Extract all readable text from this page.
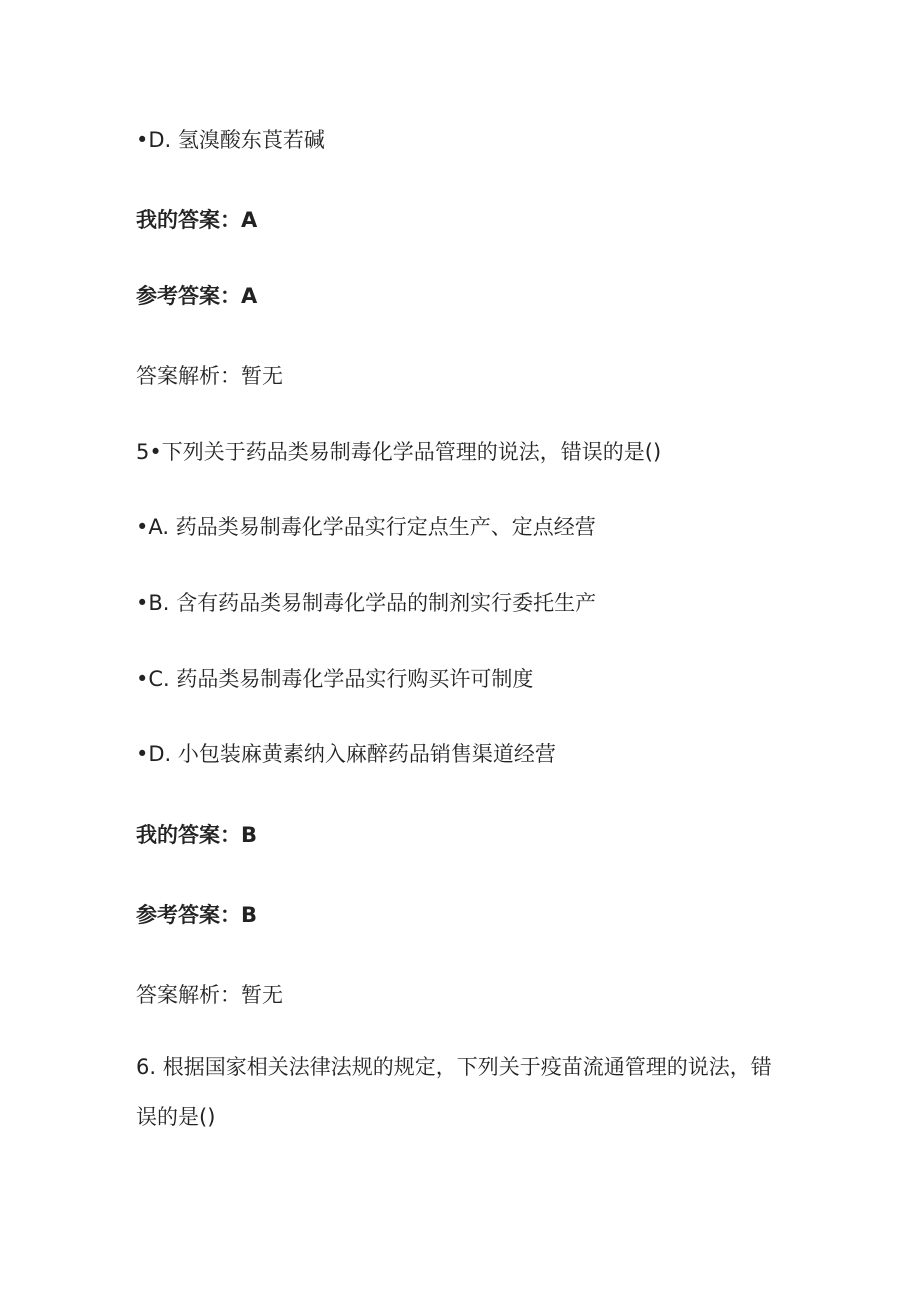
•D. 氢溴酸东莨若碱
我的答案：A
参考答案：A
答案解析：暂无
5•下列关于药品类易制毒化学品管理的说法，错误的是()
•A. 药品类易制毒化学品实行定点生产、定点经营
•B. 含有药品类易制毒化学品的制剂实行委托生产
•C. 药品类易制毒化学品实行购买许可制度
•D. 小包装麻黄素纳入麻醉药品销售渠道经营
我的答案：B
参考答案：B
答案解析：暂无
6. 根据国家相关法律法规的规定，下列关于疫苗流通管理的说法，错误的是()
